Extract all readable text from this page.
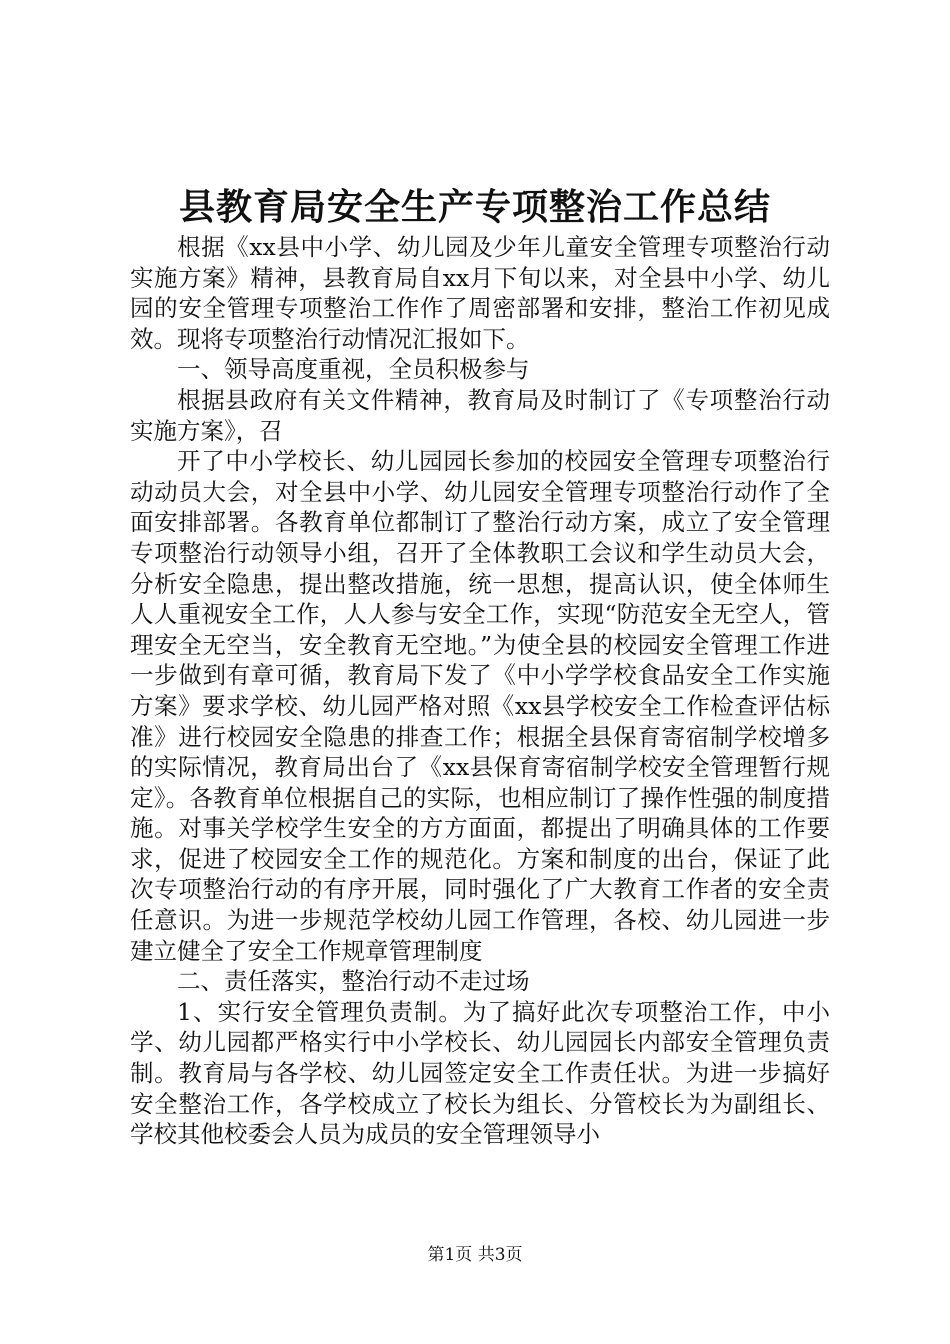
县教育局安全生产专项整治工作总结

根据《xx县中小学、幼儿园及少年儿童安全管理专项整治行动实施方案》精神，县教育局自xx月下旬以来，对全县中小学、幼儿园的安全管理专项整治工作作了周密部署和安排，整治工作初见成效。现将专项整治行动情况汇报如下。

一、领导高度重视，全员积极参与

根据县政府有关文件精神，教育局及时制订了《专项整治行动实施方案》，召

开了中小学校长、幼儿园园长参加的校园安全管理专项整治行动动员大会，对全县中小学、幼儿园安全管理专项整治行动作了全面安排部署。各教育单位都制订了整治行动方案，成立了安全管理专项整治行动领导小组，召开了全体教职工会议和学生动员大会，分析安全隐患，提出整改措施，统一思想，提高认识，使全体师生人人重视安全工作，人人参与安全工作，实现“防范安全无空人，管理安全无空当，安全教育无空地。”为使全县的校园安全管理工作进一步做到有章可循，教育局下发了《中小学学校食品安全工作实施方案》要求学校、幼儿园严格对照《xx县学校安全工作检查评估标准》进行校园安全隐患的排查工作；根据全县保育寄宿制学校增多的实际情况，教育局出台了《xx县保育寄宿制学校安全管理暂行规定》。各教育单位根据自己的实际，也相应制订了操作性强的制度措施。对事关学校学生安全的方方面面，都提出了明确具体的工作要求，促进了校园安全工作的规范化。方案和制度的出台，保证了此次专项整治行动的有序开展，同时强化了广大教育工作者的安全责任意识。为进一步规范学校幼儿园工作管理，各校、幼儿园进一步建立健全了安全工作规章管理制度

二、责任落实，整治行动不走过场

1、实行安全管理负责制。为了搞好此次专项整治工作，中小学、幼儿园都严格实行中小学校长、幼儿园园长内部安全管理负责制。教育局与各学校、幼儿园签定安全工作责任状。为进一步搞好安全整治工作，各学校成立了校长为组长、分管校长为为副组长、学校其他校委会人员为成员的安全管理领导小

第1页 共3页
